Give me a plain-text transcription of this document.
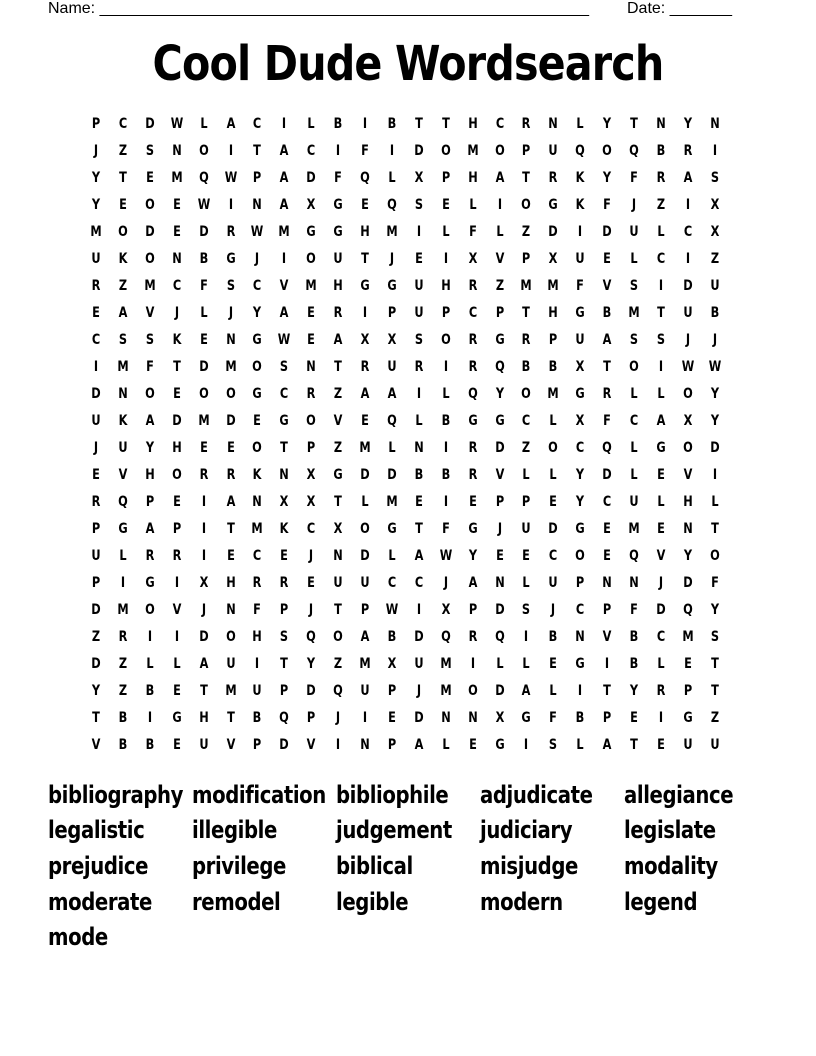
Name: _______________________________________________________ Date: _______
Cool Dude Wordsearch
P	C	D	W	L	A	C	I	L	B	I	B	T	T	H	C	R	N	L	Y	T	N	Y	N
J	Z	S	N	O	I	T	A	C	I	F	I	D	O	M	O	P	U	Q	O	Q	B	R	I
Y	T	E	M	Q	W	P	A	D	F	Q	L	X	P	H	A	T	R	K	Y	F	R	A	S
Y	E	O	E	W	I	N	A	X	G	E	Q	S	E	L	I	O	G	K	F	J	Z	I	X
M	O	D	E	D	R	W	M	G	G	H	M	I	L	F	L	Z	D	I	D	U	L	C	X
U	K	O	N	B	G	J	I	O	U	T	J	E	I	X	V	P	X	U	E	L	C	I	Z
R	Z	M	C	F	S	C	V	M	H	G	G	U	H	R	Z	M	M	F	V	S	I	D	U
E	A	V	J	L	J	Y	A	E	R	I	P	U	P	C	P	T	H	G	B	M	T	U	B
C	S	S	K	E	N	G	W	E	A	X	X	S	O	R	G	R	P	U	A	S	S	J	J
I	M	F	T	D	M	O	S	N	T	R	U	R	I	R	Q	B	B	X	T	O	I	W	W
D	N	O	E	O	O	G	C	R	Z	A	A	I	L	Q	Y	O	M	G	R	L	L	O	Y
U	K	A	D	M	D	E	G	O	V	E	Q	L	B	G	G	C	L	X	F	C	A	X	Y
J	U	Y	H	E	E	O	T	P	Z	M	L	N	I	R	D	Z	O	C	Q	L	G	O	D
E	V	H	O	R	R	K	N	X	G	D	D	B	B	R	V	L	L	Y	D	L	E	V	I
R	Q	P	E	I	A	N	X	X	T	L	M	E	I	E	P	P	E	Y	C	U	L	H	L
P	G	A	P	I	T	M	K	C	X	O	G	T	F	G	J	U	D	G	E	M	E	N	T
U	L	R	R	I	E	C	E	J	N	D	L	A	W	Y	E	E	C	O	E	Q	V	Y	O
P	I	G	I	X	H	R	R	E	U	U	C	C	J	A	N	L	U	P	N	N	J	D	F
D	M	O	V	J	N	F	P	J	T	P	W	I	X	P	D	S	J	C	P	F	D	Q	Y
Z	R	I	I	D	O	H	S	Q	O	A	B	D	Q	R	Q	I	B	N	V	B	C	M	S
D	Z	L	L	A	U	I	T	Y	Z	M	X	U	M	I	L	L	E	G	I	B	L	E	T
Y	Z	B	E	T	M	U	P	D	Q	U	P	J	M	O	D	A	L	I	T	Y	R	P	T
T	B	I	G	H	T	B	Q	P	J	I	E	D	N	N	X	G	F	B	P	E	I	G	Z
V	B	B	E	U	V	P	D	V	I	N	P	A	L	E	G	I	S	L	A	T	E	U	U
bibliography modification bibliophile adjudicate allegiance
legalistic illegible judgement judiciary legislate
prejudice privilege biblical	misjudge modality
moderate remodel legible	modern	legend
mode
